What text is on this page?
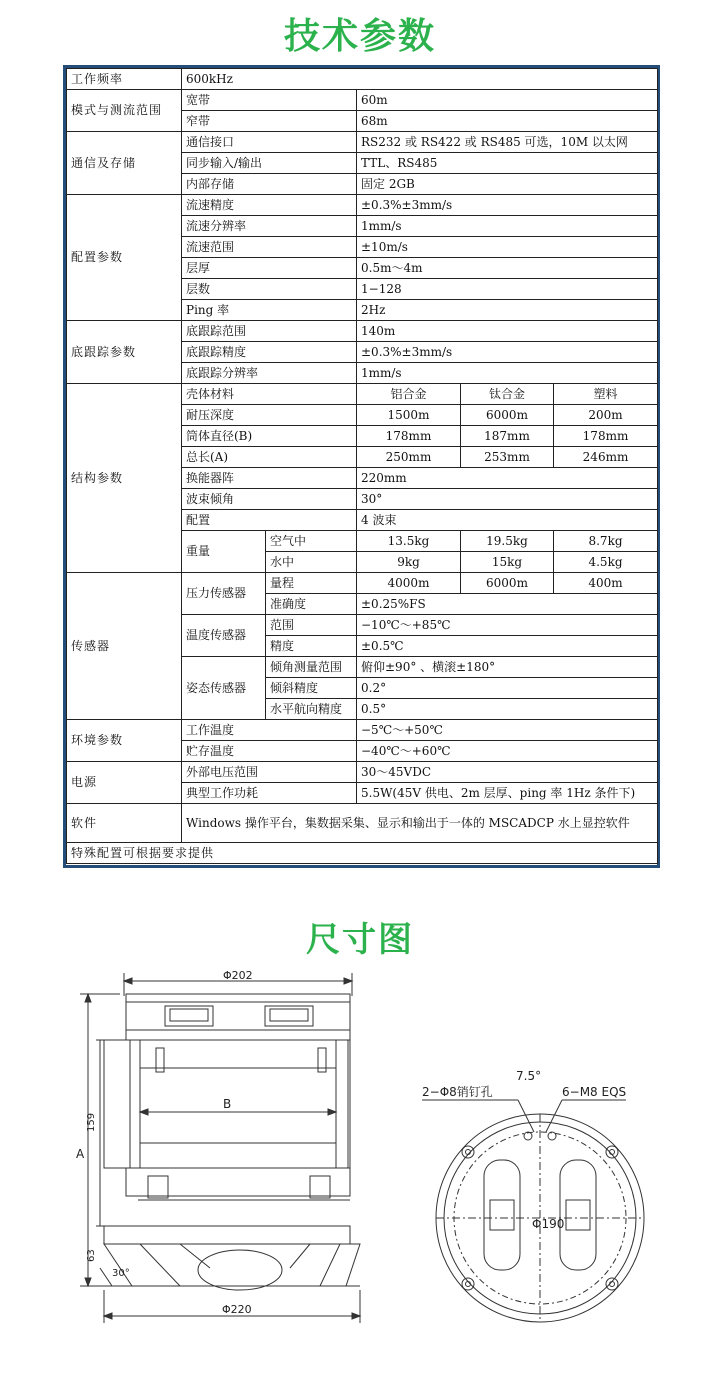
技术参数
工作频率	600kHz				
模式与测流范围	宽带		60m		
	窄带		68m		
通信及存储	通信接口		RS232 或 RS422 或 RS485 可选，10M 以太网		
	同步输入/输出		TTL、RS485		
	内部存储		固定 2GB		
配置参数	流速精度		±0.3%±3mm/s		
	流速分辨率		1mm/s		
	流速范围		±10m/s		
	层厚		0.5m～4m		
	层数		1−128		
	Ping 率		2Hz		
底跟踪参数	底跟踪范围		140m		
	底跟踪精度		±0.3%±3mm/s		
	底跟踪分辨率		1mm/s		
结构参数	壳体材料		铝合金	钛合金	塑料
	耐压深度		1500m	6000m	200m
	筒体直径(B)		178mm	187mm	178mm
	总长(A)		250mm	253mm	246mm
	换能器阵		220mm		
	波束倾角		30°		
	配置		4 波束		
	重量	空气中	13.5kg	19.5kg	8.7kg
		水中	9kg	15kg	4.5kg
传感器	压力传感器	量程	4000m	6000m	400m
		准确度	±0.25%FS		
	温度传感器	范围	−10℃～+85℃		
		精度	±0.5℃		
	姿态传感器	倾角测量范围	俯仰±90° 、横滚±180°		
		倾斜精度	0.2°		
		水平航向精度	0.5°		
环境参数	工作温度		−5℃～+50℃		
	贮存温度		−40℃～+60℃		
电源	外部电压范围		30～45VDC		
	典型工作功耗		5.5W(45V 供电、2m 层厚、ping 率 1Hz 条件下)		
软件	Windows 操作平台，集数据采集、显示和输出于一体的 MSCADCP 水上显控软件				
特殊配置可根据要求提供					
尺寸图
Φ202
B
Φ220
A
159
63
30°
7.5°
2−Φ8销钉孔	6−M8 EQS
Φ190
